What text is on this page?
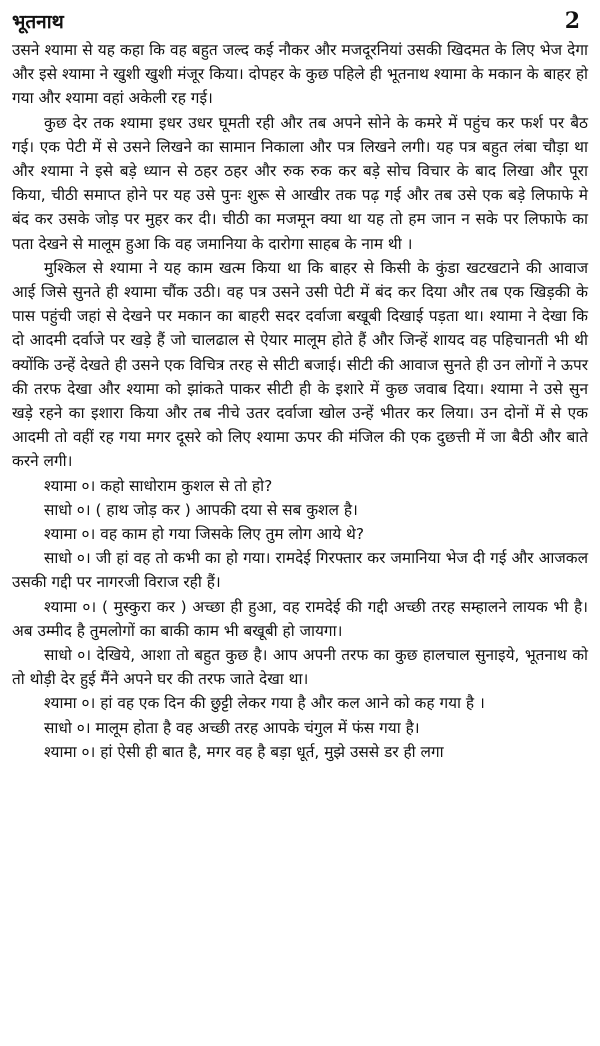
भूतनाथ	2

उसने श्यामा से यह कहा कि वह बहुत जल्द कई नौकर और मजदूरनियां उसकी खिदमत के लिए भेज देगा और इसे श्यामा ने खुशी खुशी मंजूर किया। दोपहर के कुछ पहिले ही भूतनाथ श्यामा के मकान के बाहर हो गया और श्यामा वहां अकेली रह गई।

कुछ देर तक श्यामा इधर उधर घूमती रही और तब अपने सोने के कमरे में पहुंच कर फर्श पर बैठ गई। एक पेटी में से उसने लिखने का सामान निकाला और पत्र लिखने लगी। यह पत्र बहुत लंबा चौड़ा था और श्यामा ने इसे बड़े ध्यान से ठहर ठहर और रुक रुक कर बड़े सोच विचार के बाद लिखा और पूरा किया, चीठी समाप्त होने पर यह उसे पुनः शुरू से आखीर तक पढ़ गई और तब उसे एक बड़े लिफाफे मे बंद कर उसके जोड़ पर मुहर कर दी। चीठी का मजमून क्या था यह तो हम जान न सके पर लिफाफे का पता देखने से मालूम हुआ कि वह जमानिया के दारोगा साहब के नाम थी ।

मुश्किल से श्यामा ने यह काम खत्म किया था कि बाहर से किसी के कुंडा खटखटाने की आवाज आई जिसे सुनते ही श्यामा चौंक उठी। वह पत्र उसने उसी पेटी में बंद कर दिया और तब एक खिड़की के पास पहुंची जहां से देखने पर मकान का बाहरी सदर दर्वाजा बखूबी दिखाई पड़ता था। श्यामा ने देखा कि दो आदमी दर्वाजे पर खड़े हैं जो चालढाल से ऐयार मालूम होते हैं और जिन्हें शायद वह पहिचानती भी थी क्योंकि उन्हें देखते ही उसने एक विचित्र तरह से सीटी बजाई। सीटी की आवाज सुनते ही उन लोगों ने ऊपर की तरफ देखा और श्यामा को झांकते पाकर सीटी ही के इशारे में कुछ जवाब दिया। श्यामा ने उसे सुन खड़े रहने का इशारा किया और तब नीचे उतर दर्वाजा खोल उन्हें भीतर कर लिया। उन दोनों में से एक आदमी तो वहीं रह गया मगर दूसरे को लिए श्यामा ऊपर की मंजिल की एक दुछत्ती में जा बैठी और बाते करने लगी।

श्यामा ०। कहो साधोराम कुशल से तो हो?

साधो ०। ( हाथ जोड़ कर ) आपकी दया से सब कुशल है।

श्यामा ०। वह काम हो गया जिसके लिए तुम लोग आये थे?

साधो ०। जी हां वह तो कभी का हो गया। रामदेई गिरफ्तार कर जमानिया भेज दी गई और आजकल उसकी गद्दी पर नागरजी विराज रही हैं।

श्यामा ०। ( मुस्कुरा कर ) अच्छा ही हुआ, वह रामदेई की गद्दी अच्छी तरह सम्हालने लायक भी है। अब उम्मीद है तुमलोगों का बाकी काम भी बखूबी हो जायगा।

साधो ०। देखिये, आशा तो बहुत कुछ है। आप अपनी तरफ का कुछ हालचाल सुनाइये, भूतनाथ को तो थोड़ी देर हुई मैंने अपने घर की तरफ जाते देखा था।

श्यामा ०। हां वह एक दिन की छुट्टी लेकर गया है और कल आने को कह गया है ।

साधो ०। मालूम होता है वह अच्छी तरह आपके चंगुल में फंस गया है।

श्यामा ०। हां ऐसी ही बात है, मगर वह है बड़ा धूर्त, मुझे उससे डर ही लगा
